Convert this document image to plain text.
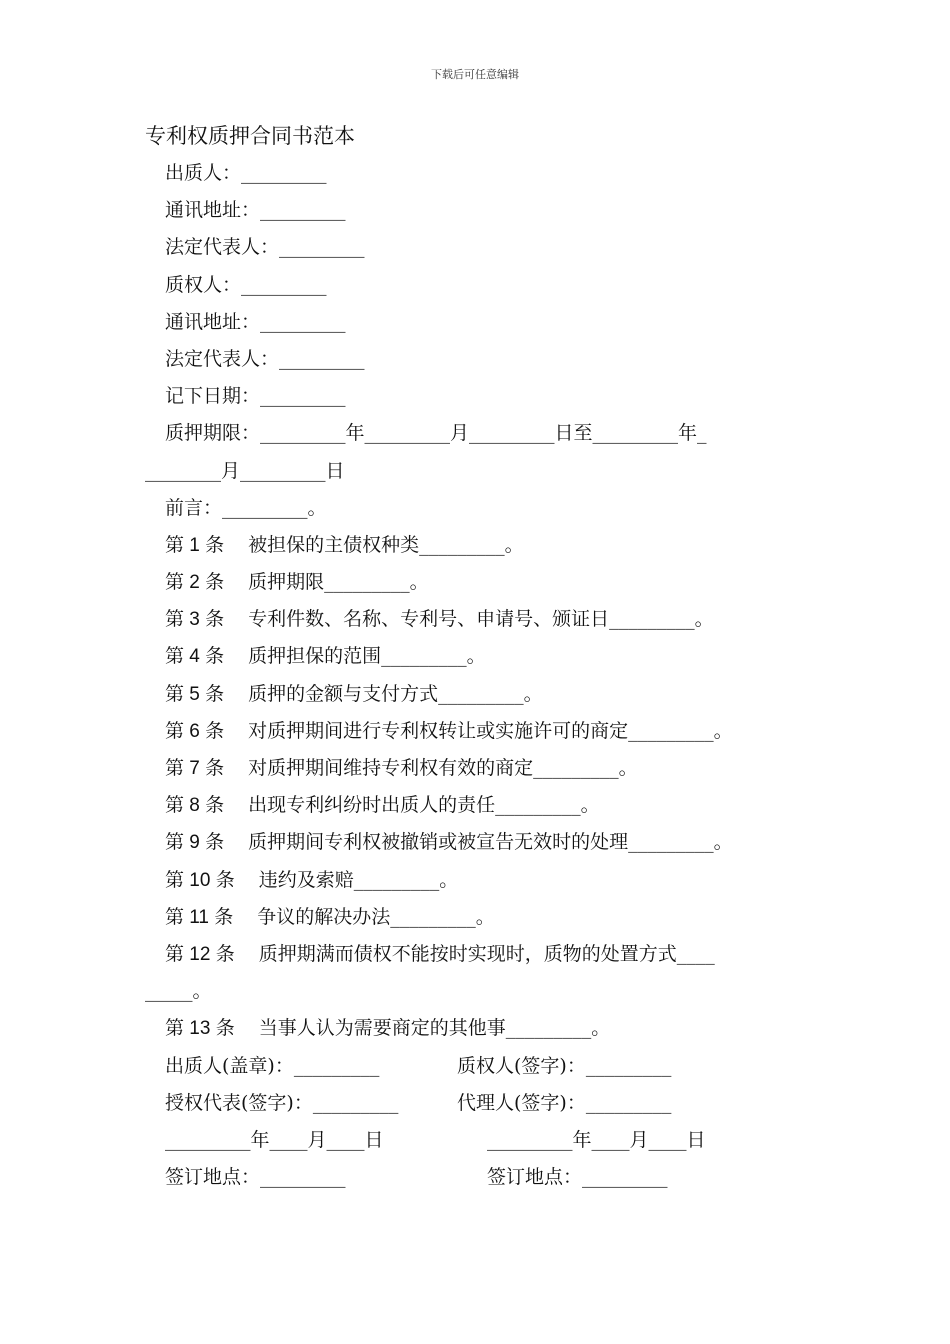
下载后可任意编辑
专利权质押合同书范本
出质人：_________
通讯地址：_________
法定代表人：_________
质权人：_________
通讯地址：_________
法定代表人：_________
记下日期：_________
质押期限：_________年_________月_________日至_________年_
________月_________日
前言：_________。
第 1 条 被担保的主债权种类_________。
第 2 条 质押期限_________。
第 3 条 专利件数、名称、专利号、申请号、颁证日_________。
第 4 条 质押担保的范围_________。
第 5 条 质押的金额与支付方式_________。
第 6 条 对质押期间进行专利权转让或实施许可的商定_________。
第 7 条 对质押期间维持专利权有效的商定_________。
第 8 条 出现专利纠纷时出质人的责任_________。
第 9 条 质押期间专利权被撤销或被宣告无效时的处理_________。
第 10 条 违约及索赔_________。
第 11 条 争议的解决办法_________。
第 12 条 质押期满而债权不能按时实现时，质物的处置方式____
_____。
第 13 条 当事人认为需要商定的其他事_________。
出质人(盖章)：_________	质权人(签字)：_________
授权代表(签字)：_________	代理人(签字)：_________
_________年____月____日	_________年____月____日
签订地点：_________	签订地点：_________
